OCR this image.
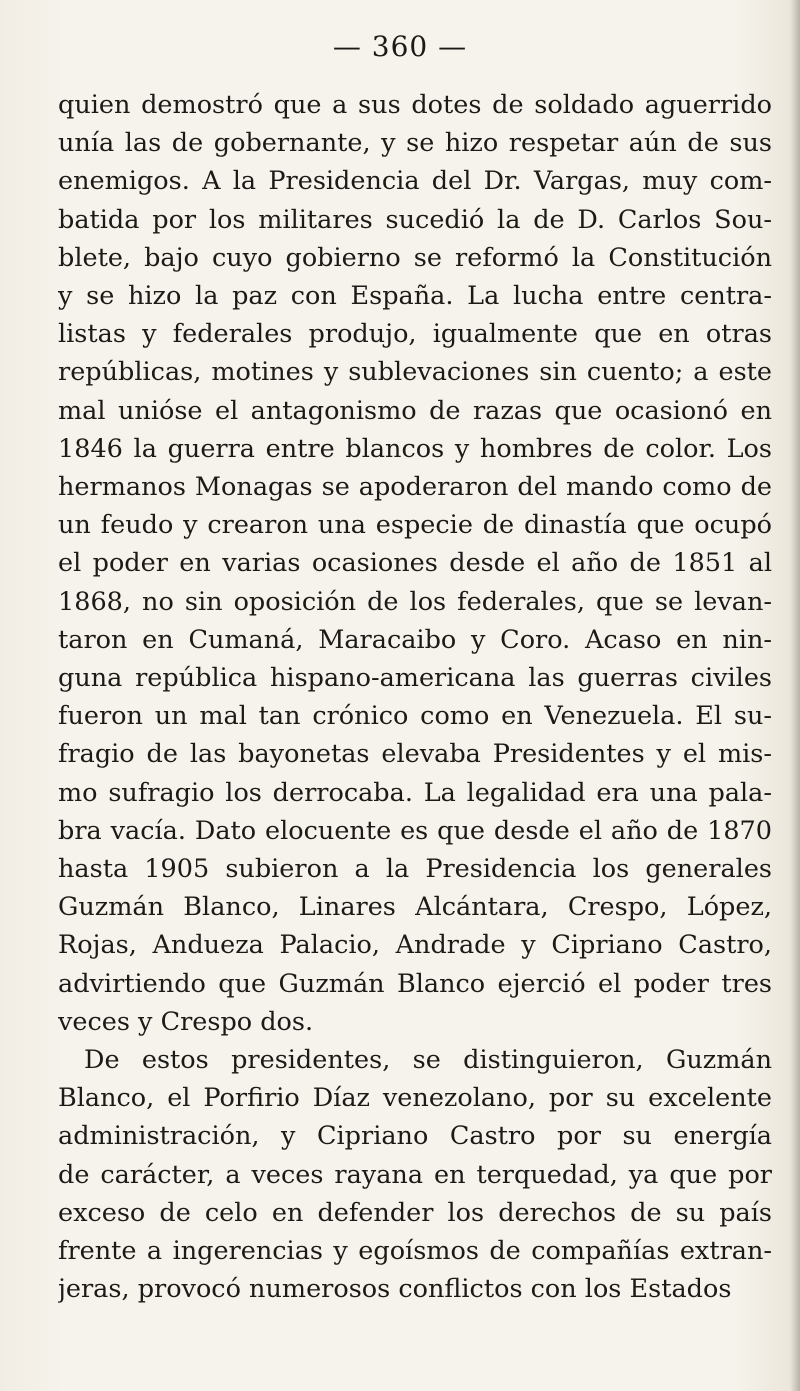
— 360 —
quien demostró que a sus dotes de soldado aguerrido
unía las de gobernante, y se hizo respetar aún de sus
enemigos. A la Presidencia del Dr. Vargas, muy com-
batida por los militares sucedió la de D. Carlos Sou-
blete, bajo cuyo gobierno se reformó la Constitución
y se hizo la paz con España. La lucha entre centra-
listas y federales produjo, igualmente que en otras
repúblicas, motines y sublevaciones sin cuento; a este
mal unióse el antagonismo de razas que ocasionó en
1846 la guerra entre blancos y hombres de color. Los
hermanos Monagas se apoderaron del mando como de
un feudo y crearon una especie de dinastía que ocupó
el poder en varias ocasiones desde el año de 1851 al
1868, no sin oposición de los federales, que se levan-
taron en Cumaná, Maracaibo y Coro. Acaso en nin-
guna república hispano-americana las guerras civiles
fueron un mal tan crónico como en Venezuela. El su-
fragio de las bayonetas elevaba Presidentes y el mis-
mo sufragio los derrocaba. La legalidad era una pala-
bra vacía. Dato elocuente es que desde el año de 1870
hasta 1905 subieron a la Presidencia los generales
Guzmán Blanco, Linares Alcántara, Crespo, López,
Rojas, Andueza Palacio, Andrade y Cipriano Castro,
advirtiendo que Guzmán Blanco ejerció el poder tres
veces y Crespo dos.
De estos presidentes, se distinguieron, Guzmán
Blanco, el Porfirio Díaz venezolano, por su excelente
administración, y Cipriano Castro por su energía
de carácter, a veces rayana en terquedad, ya que por
exceso de celo en defender los derechos de su país
frente a ingerencias y egoísmos de compañías extran-
jeras, provocó numerosos conflictos con los Estados
